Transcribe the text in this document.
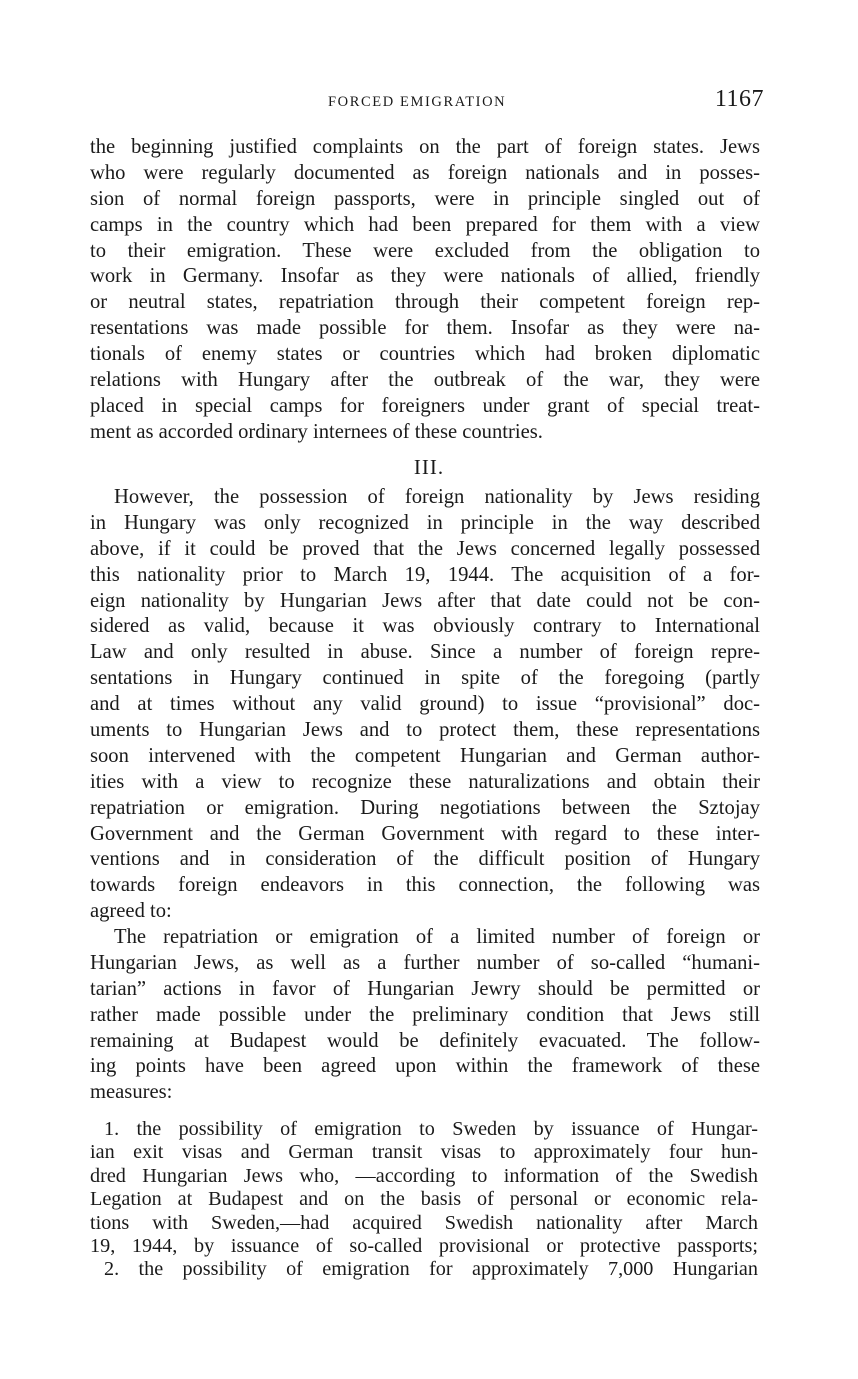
FORCED EMIGRATION	1167
the beginning justified complaints on the part of foreign states. Jews
who were regularly documented as foreign nationals and in posses-
sion of normal foreign passports, were in principle singled out of
camps in the country which had been prepared for them with a view
to their emigration. These were excluded from the obligation to
work in Germany. Insofar as they were nationals of allied, friendly
or neutral states, repatriation through their competent foreign rep-
resentations was made possible for them. Insofar as they were na-
tionals of enemy states or countries which had broken diplomatic
relations with Hungary after the outbreak of the war, they were
placed in special camps for foreigners under grant of special treat-
ment as accorded ordinary internees of these countries.
III.
However, the possession of foreign nationality by Jews residing
in Hungary was only recognized in principle in the way described
above, if it could be proved that the Jews concerned legally possessed
this nationality prior to March 19, 1944. The acquisition of a for-
eign nationality by Hungarian Jews after that date could not be con-
sidered as valid, because it was obviously contrary to International
Law and only resulted in abuse. Since a number of foreign repre-
sentations in Hungary continued in spite of the foregoing (partly
and at times without any valid ground) to issue “provisional” doc-
uments to Hungarian Jews and to protect them, these representations
soon intervened with the competent Hungarian and German author-
ities with a view to recognize these naturalizations and obtain their
repatriation or emigration. During negotiations between the Sztojay
Government and the German Government with regard to these inter-
ventions and in consideration of the difficult position of Hungary
towards foreign endeavors in this connection, the following was
agreed to:
The repatriation or emigration of a limited number of foreign or
Hungarian Jews, as well as a further number of so-called “humani-
tarian” actions in favor of Hungarian Jewry should be permitted or
rather made possible under the preliminary condition that Jews still
remaining at Budapest would be definitely evacuated. The follow-
ing points have been agreed upon within the framework of these
measures:
1. the possibility of emigration to Sweden by issuance of Hungar-
ian exit visas and German transit visas to approximately four hun-
dred Hungarian Jews who, —according to information of the Swedish
Legation at Budapest and on the basis of personal or economic rela-
tions with Sweden,—had acquired Swedish nationality after March
19, 1944, by issuance of so-called provisional or protective passports;
2. the possibility of emigration for approximately 7,000 Hungarian
